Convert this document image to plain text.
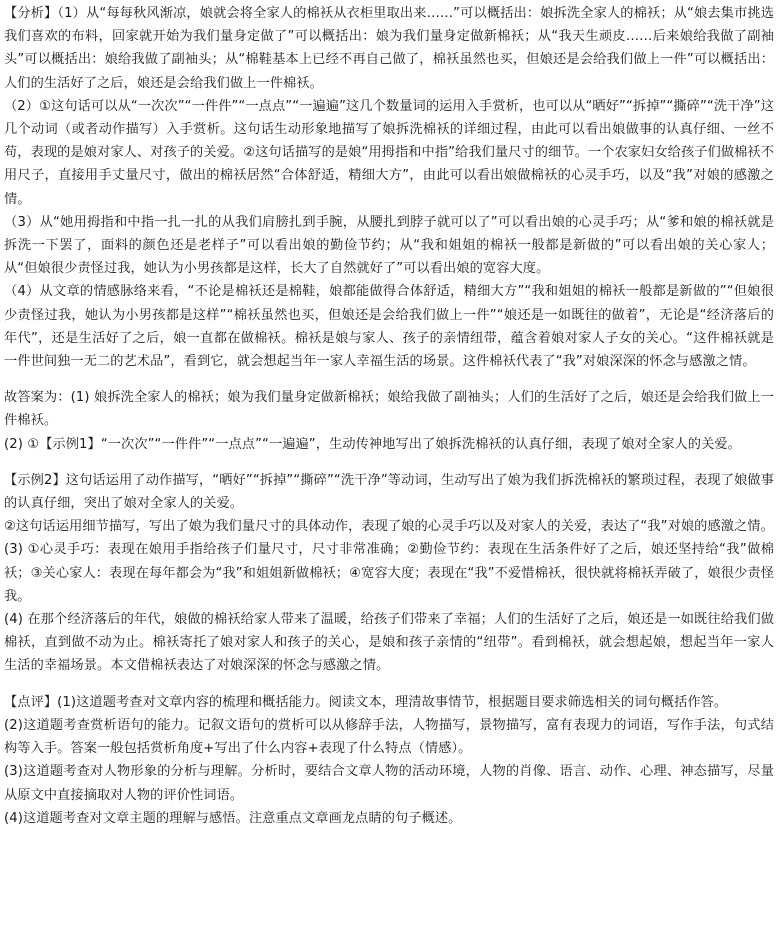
【分析】（1）从“每每秋风渐凉，娘就会将全家人的棉袄从衣柜里取出来……”可以概括出：娘拆洗全家人的棉袄；从“娘去集市挑选我们喜欢的布料，回家就开始为我们量身定做了”可以概括出：娘为我们量身定做新棉袄；从“我天生顽皮……后来娘给我做了副袖头”可以概括出：娘给我做了副袖头；从“棉鞋基本上已经不再自己做了，棉袄虽然也买，但娘还是会给我们做上一件”可以概括出：人们的生活好了之后，娘还是会给我们做上一件棉袄。

（2）①这句话可以从“一次次”“一件件”“一点点”“一遍遍”这几个数量词的运用入手赏析，也可以从“晒好”“拆掉”“撕碎”“洗干净”这几个动词（或者动作描写）入手赏析。这句话生动形象地描写了娘拆洗棉袄的详细过程，由此可以看出娘做事的认真仔细、一丝不苟，表现的是娘对家人、对孩子的关爱。②这句话描写的是娘“用拇指和中指”给我们量尺寸的细节。一个农家妇女给孩子们做棉袄不用尺子，直接用手丈量尺寸，做出的棉袄居然“合体舒适，精细大方”，由此可以看出娘做棉袄的心灵手巧，以及“我”对娘的感激之情。

（3）从“她用拇指和中指一扎一扎的从我们肩膀扎到手腕，从腰扎到脖子就可以了”可以看出娘的心灵手巧；从“爹和娘的棉袄就是拆洗一下罢了，面料的颜色还是老样子”可以看出娘的勤俭节约；从“我和姐姐的棉袄一般都是新做的”可以看出娘的关心家人；从“但娘很少责怪过我，她认为小男孩都是这样，长大了自然就好了”可以看出娘的宽容大度。

（4）从文章的情感脉络来看，“不论是棉袄还是棉鞋，娘都能做得合体舒适，精细大方”“我和姐姐的棉袄一般都是新做的”“但娘很少责怪过我，她认为小男孩都是这样”“棉袄虽然也买，但娘还是会给我们做上一件”“娘还是一如既往的做着”，无论是“经济落后的年代”，还是生活好了之后，娘一直都在做棉袄。棉袄是娘与家人、孩子的亲情纽带，蕴含着娘对家人子女的关心。“这件棉袄就是一件世间独一无二的艺术品”，看到它，就会想起当年一家人幸福生活的场景。这件棉袄代表了“我”对娘深深的怀念与感激之情。

故答案为：(1) 娘拆洗全家人的棉袄；娘为我们量身定做新棉袄；娘给我做了副袖头；人们的生活好了之后，娘还是会给我们做上一件棉袄。

(2) ①【示例1】“一次次”“一件件”“一点点”“一遍遍”，生动传神地写出了娘拆洗棉袄的认真仔细，表现了娘对全家人的关爱。

【示例2】这句话运用了动作描写，“晒好”“拆掉”“撕碎”“洗干净”等动词，生动写出了娘为我们拆洗棉袄的繁琐过程，表现了娘做事的认真仔细，突出了娘对全家人的关爱。

②这句话运用细节描写，写出了娘为我们量尺寸的具体动作，表现了娘的心灵手巧以及对家人的关爱，表达了“我”对娘的感激之情。

(3) ①心灵手巧：表现在娘用手指给孩子们量尺寸，尺寸非常准确；②勤俭节约：表现在生活条件好了之后，娘还坚持给“我”做棉袄；③关心家人：表现在每年都会为“我”和姐姐新做棉袄；④宽容大度；表现在“我”不爱惜棉袄，很快就将棉袄弄破了，娘很少责怪我。

(4) 在那个经济落后的年代，娘做的棉袄给家人带来了温暖，给孩子们带来了幸福；人们的生活好了之后，娘还是一如既往给我们做棉袄，直到做不动为止。棉袄寄托了娘对家人和孩子的关心，是娘和孩子亲情的“纽带”。看到棉袄，就会想起娘，想起当年一家人生活的幸福场景。本文借棉袄表达了对娘深深的怀念与感激之情。

【点评】(1)这道题考查对文章内容的梳理和概括能力。阅读文本，理清故事情节，根据题目要求筛选相关的词句概括作答。

(2)这道题考查赏析语句的能力。记叙文语句的赏析可以从修辞手法，人物描写，景物描写，富有表现力的词语，写作手法，句式结构等入手。答案一般包括赏析角度+写出了什么内容+表现了什么特点（情感）。

(3)这道题考查对人物形象的分析与理解。分析时，要结合文章人物的活动环境，人物的肖像、语言、动作、心理、神态描写，尽量从原文中直接摘取对人物的评价性词语。

(4)这道题考查对文章主题的理解与感悟。注意重点文章画龙点睛的句子概述。
